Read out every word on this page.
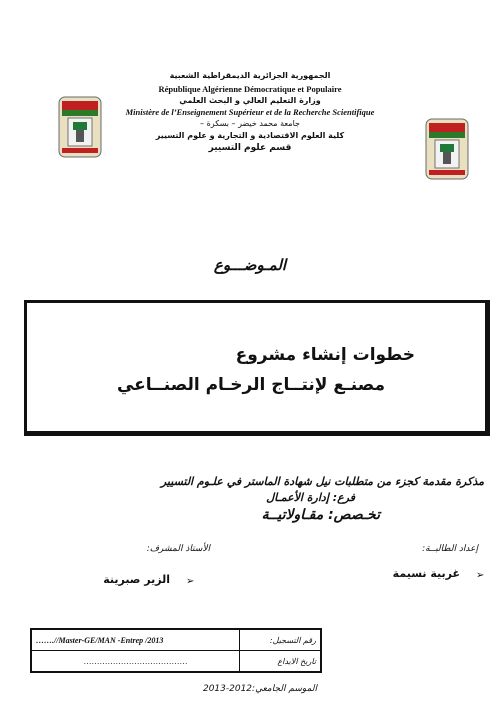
الجمهورية الجزائرية الديمقراطية الشعبية
République Algérienne Démocratique et Populaire
وزارة التعليم العالي و البحث العلمي
Ministère de l’Enseignement Supérieur et de la Recherche Scientifique
جامعة محمد خيضر – بسكرة –
كلية العلوم الاقتصادية و التجارية و علوم التسيير
قسم علوم التسيير
المـوضـــوع
خطوات إنشاء مشروع
مصنـع لإنتــاج الرخـام الصنــاعي
مذكرة مقدمة كجزء من متطلبات نيل شهادة الماستر في علـوم التسيير
فرع: إدارة الأعمـال
تخـصص: مقـاولاتيــة
إعداد الطالبــة:
الأستاذ المشرف:
➢
غربية نسيمة
➢
الزير صبرينة
…….//Master-GE/MAN -Entrep /2013	رقم التسجيل:
…………………………………	تاريخ الايداع
الموسم الجامعي:2012-2013
